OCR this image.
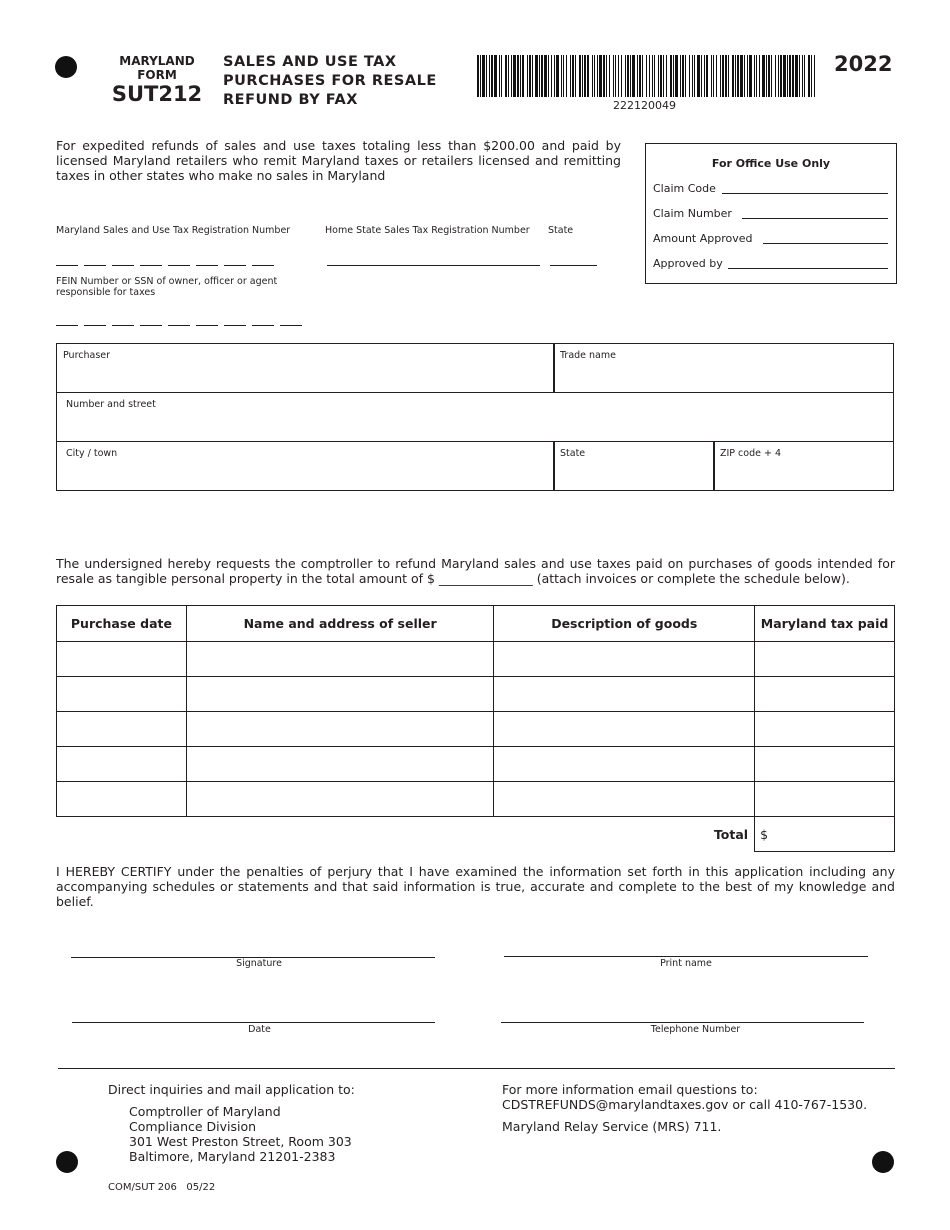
MARYLAND
FORM
SUT212
SALES AND USE TAX
PURCHASES FOR RESALE
REFUND BY FAX	222120049
2022
For expedited refunds of sales and use taxes totaling less than $200.00 and paid by licensed Maryland retailers who remit Maryland taxes or retailers licensed and remitting taxes in other states who make no sales in Maryland
For Office Use Only
Claim Code
Claim Number
Amount Approved
Approved by
Maryland Sales and Use Tax Registration Number	Home State Sales Tax Registration Number State
FEIN Number or SSN of owner, officer or agent responsible for taxes
Purchaser	Trade name
Number and street
City / town	State	ZIP code + 4
The undersigned hereby requests the comptroller to refund Maryland sales and use taxes paid on purchases of goods intended for
resale as tangible personal property in the total amount of $ _______________ (attach invoices or complete the schedule below).
Purchase date	Name and address of seller	Description of goods	Maryland tax paid

Total			$
I HEREBY CERTIFY under the penalties of perjury that I have examined the information set forth in this application including any accompanying schedules or statements and that said information is true, accurate and complete to the best of my knowledge and belief.
Signature	Print name
Date	Telephone Number
Direct inquiries and mail application to:
Comptroller of Maryland
Compliance Division
301 West Preston Street, Room 303
Baltimore, Maryland 21201-2383
For more information email questions to:
CDSTREFUNDS@marylandtaxes.gov or call 410-767-1530.
Maryland Relay Service (MRS) 711.
COM/SUT 206   05/22
